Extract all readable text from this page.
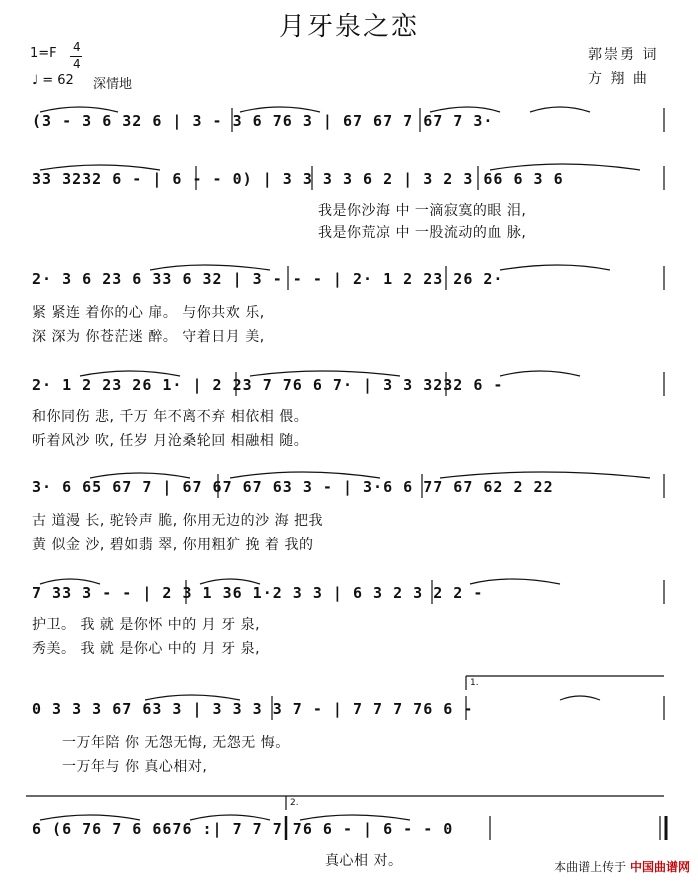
月牙泉之恋
1=F 4
4
♩ = 62 深情地
郭崇勇 词
方 翔 曲
(3 - 3 6 32 6 | 3 - 3 6 76 3 | 67 67 7 67 7 3·
33 3232 6 - | 6 - - 0) | 3 3 3 3 6 2 | 3 2 3 66 6 3 6
我是你沙海 中 一滴寂寞的眼 泪,
我是你荒凉 中 一股流动的血 脉,
2· 3 6 23 6 33 6 32 | 3 - - - | 2· 1 2 23 26 2·
紧 紧连 着你的心 扉。 与你共欢 乐,
深 深为 你苍茫迷 醉。 守着日月 美,
2· 1 2 23 26 1· | 2 23 7 76 6 7· | 3 3 3232 6 -
和你同伤 悲, 千万 年不离不弃 相依相 偎。
听着风沙 吹, 任岁 月沧桑轮回 相融相 随。
3· 6 65 67 7 | 67 67 67 63 3 - | 3·6 6 77 67 62 2 22
古 道漫 长, 驼铃声 脆, 你用无边的沙 海 把我
黄 似金 沙, 碧如翡 翠, 你用粗犷 挽 着 我的
7 33 3 - - | 2 3 1 36 1·2 3 3 | 6 3 2 3 2 2 -
护卫。 我 就 是你怀 中的 月 牙 泉,
秀美。 我 就 是你心 中的 月 牙 泉,
1.
0 3 3 3 67 63 3 | 3 3 3 3 7 - | 7 7 7 76 6 -
一万年陪 你 无怨无悔, 无怨无 悔。
一万年与 你 真心相对,
2.
6 (6 76 7 6 6676 :| 7 7 7 76 6 - | 6 - - 0
真心相 对。	本曲谱上传于 中国曲谱网
